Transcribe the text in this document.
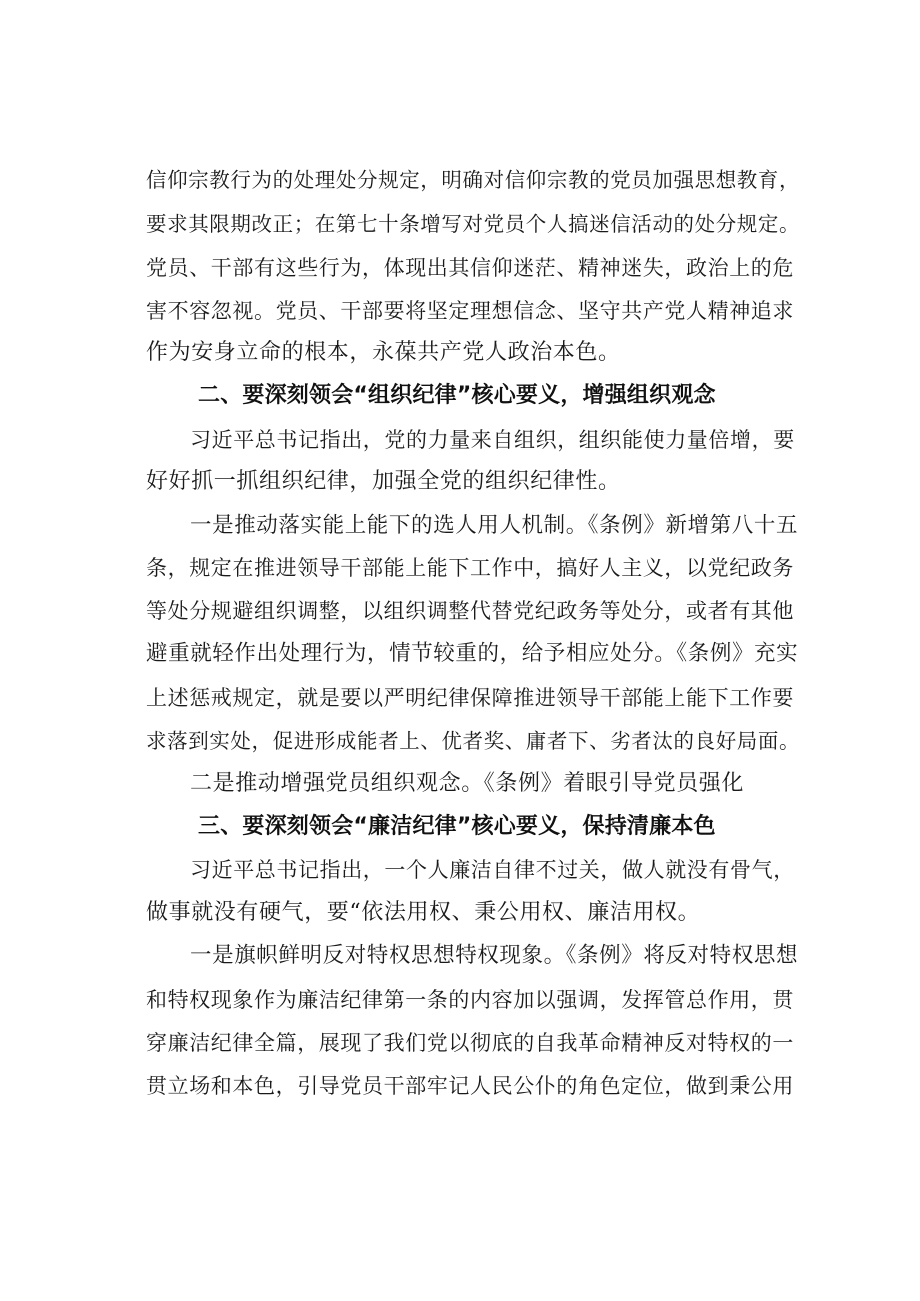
信仰宗教行为的处理处分规定，明确对信仰宗教的党员加强思想教育，
要求其限期改正；在第七十条增写对党员个人搞迷信活动的处分规定。
党员、干部有这些行为，体现出其信仰迷茫、精神迷失，政治上的危
害不容忽视。党员、干部要将坚定理想信念、坚守共产党人精神追求
作为安身立命的根本，永葆共产党人政治本色。
二、要深刻领会“组织纪律”核心要义，增强组织观念
习近平总书记指出，党的力量来自组织，组织能使力量倍增，要
好好抓一抓组织纪律，加强全党的组织纪律性。
一是推动落实能上能下的选人用人机制。《条例》新增第八十五
条，规定在推进领导干部能上能下工作中，搞好人主义，以党纪政务
等处分规避组织调整，以组织调整代替党纪政务等处分，或者有其他
避重就轻作出处理行为，情节较重的，给予相应处分。《条例》充实
上述惩戒规定，就是要以严明纪律保障推进领导干部能上能下工作要
求落到实处，促进形成能者上、优者奖、庸者下、劣者汰的良好局面。
二是推动增强党员组织观念。《条例》着眼引导党员强化
三、要深刻领会“廉洁纪律”核心要义，保持清廉本色
习近平总书记指出，一个人廉洁自律不过关，做人就没有骨气，
做事就没有硬气，要“依法用权、秉公用权、廉洁用权。
一是旗帜鲜明反对特权思想特权现象。《条例》将反对特权思想
和特权现象作为廉洁纪律第一条的内容加以强调，发挥管总作用，贯
穿廉洁纪律全篇，展现了我们党以彻底的自我革命精神反对特权的一
贯立场和本色，引导党员干部牢记人民公仆的角色定位，做到秉公用
